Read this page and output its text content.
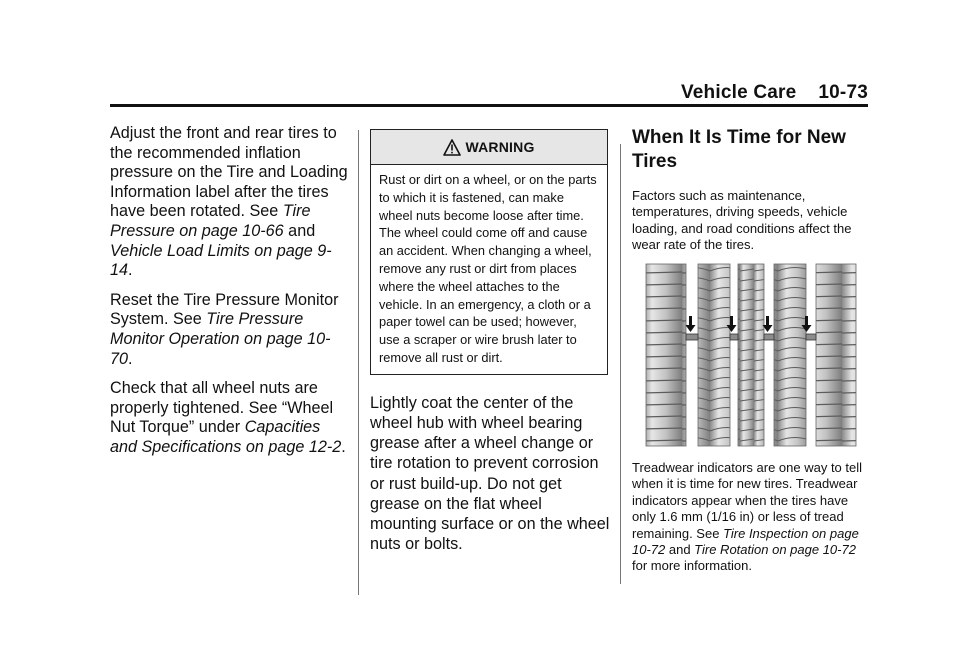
Vehicle Care 10-73

Adjust the front and rear tires to the recommended inflation pressure on the Tire and Loading Information label after the tires have been rotated. See Tire Pressure on page 10-66 and Vehicle Load Limits on page 9-14.

Reset the Tire Pressure Monitor System. See Tire Pressure Monitor Operation on page 10-70.

Check that all wheel nuts are properly tightened. See “Wheel Nut Torque” under Capacities and Specifications on page 12-2.

WARNING
Rust or dirt on a wheel, or on the parts to which it is fastened, can make wheel nuts become loose after time. The wheel could come off and cause an accident. When changing a wheel, remove any rust or dirt from places where the wheel attaches to the vehicle. In an emergency, a cloth or a paper towel can be used; however, use a scraper or wire brush later to remove all rust or dirt.

Lightly coat the center of the wheel hub with wheel bearing grease after a wheel change or tire rotation to prevent corrosion or rust build-up. Do not get grease on the flat wheel mounting surface or on the wheel nuts or bolts.

When It Is Time for New Tires

Factors such as maintenance, temperatures, driving speeds, vehicle loading, and road conditions affect the wear rate of the tires.

Treadwear indicators are one way to tell when it is time for new tires. Treadwear indicators appear when the tires have only 1.6 mm (1/16 in) or less of tread remaining. See Tire Inspection on page 10-72 and Tire Rotation on page 10-72 for more information.
